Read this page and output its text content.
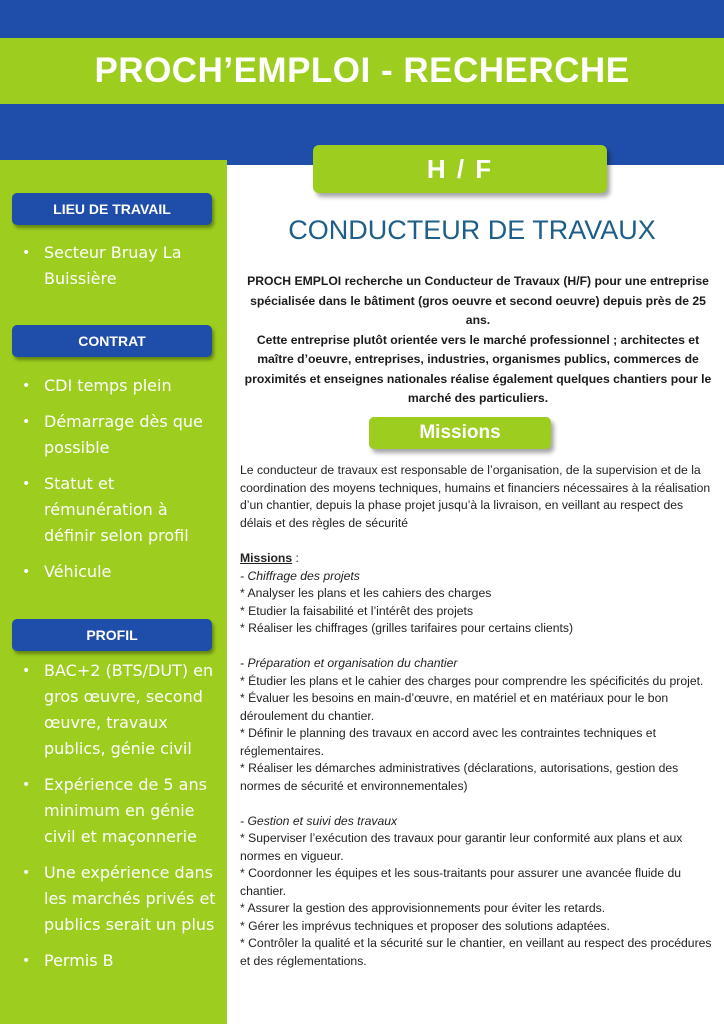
PROCH’EMPLOI - RECHERCHE
LIEU DE TRAVAIL
• Secteur Bruay La Buissière
CONTRAT
• CDI temps plein
• Démarrage dès que possible
• Statut et rémunération à définir selon profil
• Véhicule
PROFIL
• BAC+2 (BTS/DUT) en gros œuvre, second œuvre, travaux publics, génie civil
• Expérience de 5 ans minimum en génie civil et maçonnerie
• Une expérience dans les marchés privés et publics serait un plus
• Permis B
H / F
CONDUCTEUR DE TRAVAUX
PROCH EMPLOI recherche un Conducteur de Travaux (H/F) pour une entreprise spécialisée dans le bâtiment (gros oeuvre et second oeuvre) depuis près de 25 ans.
Cette entreprise plutôt orientée vers le marché professionnel ; architectes et maître d’oeuvre, entreprises, industries, organismes publics, commerces de proximités et enseignes nationales réalise également quelques chantiers pour le marché des particuliers.
Missions

Le conducteur de travaux est responsable de l’organisation, de la supervision et de la coordination des moyens techniques, humains et financiers nécessaires à la réalisation d’un chantier, depuis la phase projet jusqu’à la livraison, en veillant au respect des délais et des règles de sécurité

Missions :
- Chiffrage des projets
* Analyser les plans et les cahiers des charges
* Etudier la faisabilité et l’intérêt des projets
* Réaliser les chiffrages (grilles tarifaires pour certains clients)
- Préparation et organisation du chantier
* Étudier les plans et le cahier des charges pour comprendre les spécificités du projet.
* Évaluer les besoins en main-d’œuvre, en matériel et en matériaux pour le bon déroulement du chantier.
* Définir le planning des travaux en accord avec les contraintes techniques et réglementaires.
* Réaliser les démarches administratives (déclarations, autorisations, gestion des normes de sécurité et environnementales)
- Gestion et suivi des travaux
* Superviser l’exécution des travaux pour garantir leur conformité aux plans et aux normes en vigueur.
* Coordonner les équipes et les sous-traitants pour assurer une avancée fluide du chantier.
* Assurer la gestion des approvisionnements pour éviter les retards.
* Gérer les imprévus techniques et proposer des solutions adaptées.
* Contrôler la qualité et la sécurité sur le chantier, en veillant au respect des procédures et des réglementations.
